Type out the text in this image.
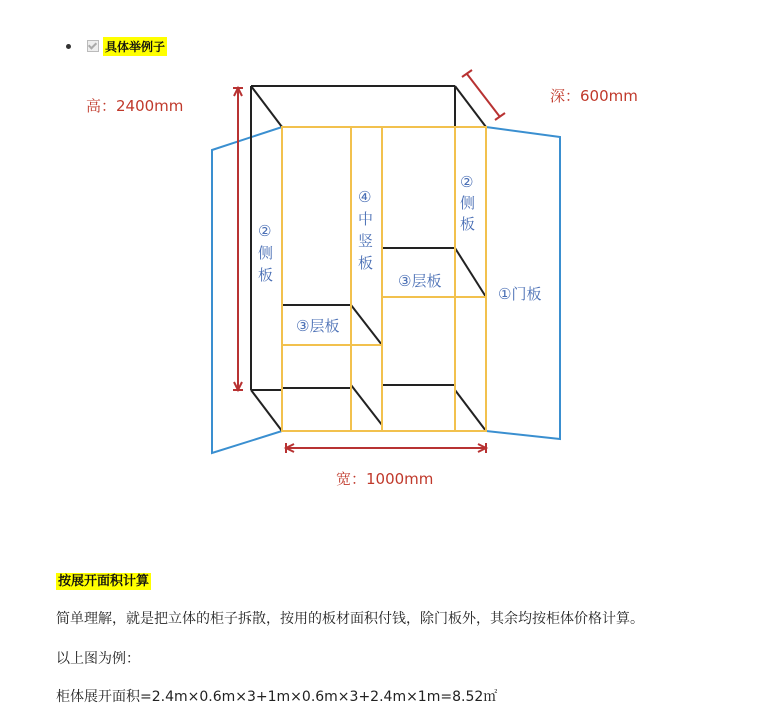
具体举例子
高：2400mm
深：600mm
宽：1000mm
②
侧
板
④
中
竖
板
②
侧
板
③层板
③层板
①门板
按展开面积计算
简单理解，就是把立体的柜子拆散，按用的板材面积付钱，除门板外，其余均按柜体价格计算。
以上图为例：
柜体展开面积=2.4m×0.6m×3+1m×0.6m×3+2.4m×1m=8.52㎡
